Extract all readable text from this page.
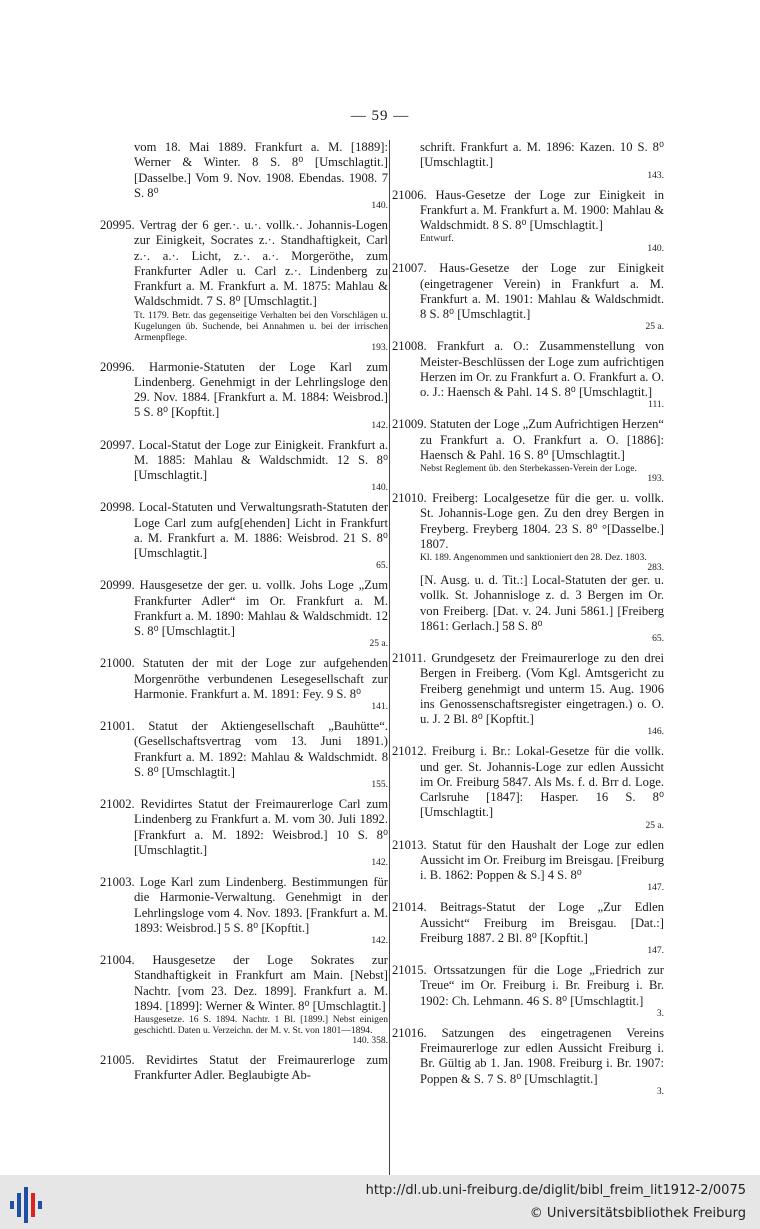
— 59 —
vom 18. Mai 1889. Frankfurt a. M. [1889]: Werner & Winter. 8 S. 8⁰ [Umschlagtit.] [Dasselbe.] Vom 9. Nov. 1908. Ebendas. 1908. 7 S. 8⁰
140.
20995. Vertrag der 6 ger.·. u.·. vollk.·. Johannis-Logen zur Einigkeit, Socrates z.·. Standhaftigkeit, Carl z.·. a.·. Licht, z.·. a.·. Morgeröthe, zum Frankfurter Adler u. Carl z.·. Lindenberg zu Frankfurt a. M. Frankfurt a. M. 1875: Mahlau & Waldschmidt. 7 S. 8⁰ [Umschlagtit.]
Tt. 1179. Betr. das gegenseitige Verhalten bei den Vorschlägen u. Kugelungen üb. Suchende, bei Annahmen u. bei der irrischen Armenpflege.
193.
20996. Harmonie-Statuten der Loge Karl zum Lindenberg. Genehmigt in der Lehrlingsloge den 29. Nov. 1884. [Frankfurt a. M. 1884: Weisbrod.] 5 S. 8⁰ [Kopftit.]
142.
20997. Local-Statut der Loge zur Einigkeit. Frankfurt a. M. 1885: Mahlau & Waldschmidt. 12 S. 8⁰ [Umschlagtit.]
140.
20998. Local-Statuten und Verwaltungsrath-Statuten der Loge Carl zum aufg[ehenden] Licht in Frankfurt a. M. Frankfurt a. M. 1886: Weisbrod. 21 S. 8⁰ [Umschlagtit.]
65.
20999. Hausgesetze der ger. u. vollk. Johs Loge „Zum Frankfurter Adler“ im Or. Frankfurt a. M. Frankfurt a. M. 1890: Mahlau & Waldschmidt. 12 S. 8⁰ [Umschlagtit.]
25 a.
21000. Statuten der mit der Loge zur aufgehenden Morgenröthe verbundenen Lesegesellschaft zur Harmonie. Frankfurt a. M. 1891: Fey. 9 S. 8⁰
141.
21001. Statut der Aktiengesellschaft „Bauhütte“. (Gesellschaftsvertrag vom 13. Juni 1891.) Frankfurt a. M. 1892: Mahlau & Waldschmidt. 8 S. 8⁰ [Umschlagtit.]
155.
21002. Revidirtes Statut der Freimaurerloge Carl zum Lindenberg zu Frankfurt a. M. vom 30. Juli 1892. [Frankfurt a. M. 1892: Weisbrod.] 10 S. 8⁰ [Umschlagtit.]
142.
21003. Loge Karl zum Lindenberg. Bestimmungen für die Harmonie-Verwaltung. Genehmigt in der Lehrlingsloge vom 4. Nov. 1893. [Frankfurt a. M. 1893: Weisbrod.] 5 S. 8⁰ [Kopftit.]
142.
21004. Hausgesetze der Loge Sokrates zur Standhaftigkeit in Frankfurt am Main. [Nebst] Nachtr. [vom 23. Dez. 1899]. Frankfurt a. M. 1894. [1899]: Werner & Winter. 8⁰ [Umschlagtit.]
Hausgesetze. 16 S. 1894. Nachtr. 1 Bl. [1899.] Nebst einigen geschichtl. Daten u. Verzeichn. der M. v. St. von 1801—1894.
140. 358.
21005. Revidirtes Statut der Freimaurerloge zum Frankfurter Adler. Beglaubigte Ab-
schrift. Frankfurt a. M. 1896: Kazen. 10 S. 8⁰ [Umschlagtit.]
143.
21006. Haus-Gesetze der Loge zur Einigkeit in Frankfurt a. M. Frankfurt a. M. 1900: Mahlau & Waldschmidt. 8 S. 8⁰ [Umschlagtit.]
Entwurf.
140.
21007. Haus-Gesetze der Loge zur Einigkeit (eingetragener Verein) in Frankfurt a. M. Frankfurt a. M. 1901: Mahlau & Waldschmidt. 8 S. 8⁰ [Umschlagtit.]
25 a.
21008. Frankfurt a. O.: Zusammenstellung von Meister-Beschlüssen der Loge zum aufrichtigen Herzen im Or. zu Frankfurt a. O. Frankfurt a. O. o. J.: Haensch & Pahl. 14 S. 8⁰ [Umschlagtit.]
111.
21009. Statuten der Loge „Zum Aufrichtigen Herzen“ zu Frankfurt a. O. Frankfurt a. O. [1886]: Haensch & Pahl. 16 S. 8⁰ [Umschlagtit.]
Nebst Reglement üb. den Sterbekassen-Verein der Loge.
193.
21010. Freiberg: Localgesetze für die ger. u. vollk. St. Johannis-Loge gen. Zu den drey Bergen in Freyberg. Freyberg 1804. 23 S. 8⁰ °[Dasselbe.] 1807.
Kl. 189. Angenommen und sanktioniert den 28. Dez. 1803.
283.
[N. Ausg. u. d. Tit.:] Local-Statuten der ger. u. vollk. St. Johannisloge z. d. 3 Bergen im Or. von Freiberg. [Dat. v. 24. Juni 5861.] [Freiberg 1861: Gerlach.] 58 S. 8⁰
65.
21011. Grundgesetz der Freimaurerloge zu den drei Bergen in Freiberg. (Vom Kgl. Amtsgericht zu Freiberg genehmigt und unterm 15. Aug. 1906 ins Genossenschaftsregister eingetragen.) o. O. u. J. 2 Bl. 8⁰ [Kopftit.]
146.
21012. Freiburg i. Br.: Lokal-Gesetze für die vollk. und ger. St. Johannis-Loge zur edlen Aussicht im Or. Freiburg 5847. Als Ms. f. d. Brr d. Loge. Carlsruhe [1847]: Hasper. 16 S. 8⁰ [Umschlagtit.]
25 a.
21013. Statut für den Haushalt der Loge zur edlen Aussicht im Or. Freiburg im Breisgau. [Freiburg i. B. 1862: Poppen & S.] 4 S. 8⁰
147.
21014. Beitrags-Statut der Loge „Zur Edlen Aussicht“ Freiburg im Breisgau. [Dat.:] Freiburg 1887. 2 Bl. 8⁰ [Kopftit.]
147.
21015. Ortssatzungen für die Loge „Friedrich zur Treue“ im Or. Freiburg i. Br. Freiburg i. Br. 1902: Ch. Lehmann. 46 S. 8⁰ [Umschlagtit.]
3.
21016. Satzungen des eingetragenen Vereins Freimaurerloge zur edlen Aussicht Freiburg i. Br. Gültig ab 1. Jan. 1908. Freiburg i. Br. 1907: Poppen & S. 7 S. 8⁰ [Umschlagtit.]
3.
http://dl.ub.uni-freiburg.de/diglit/bibl_freim_lit1912-2/0075
© Universitätsbibliothek Freiburg
